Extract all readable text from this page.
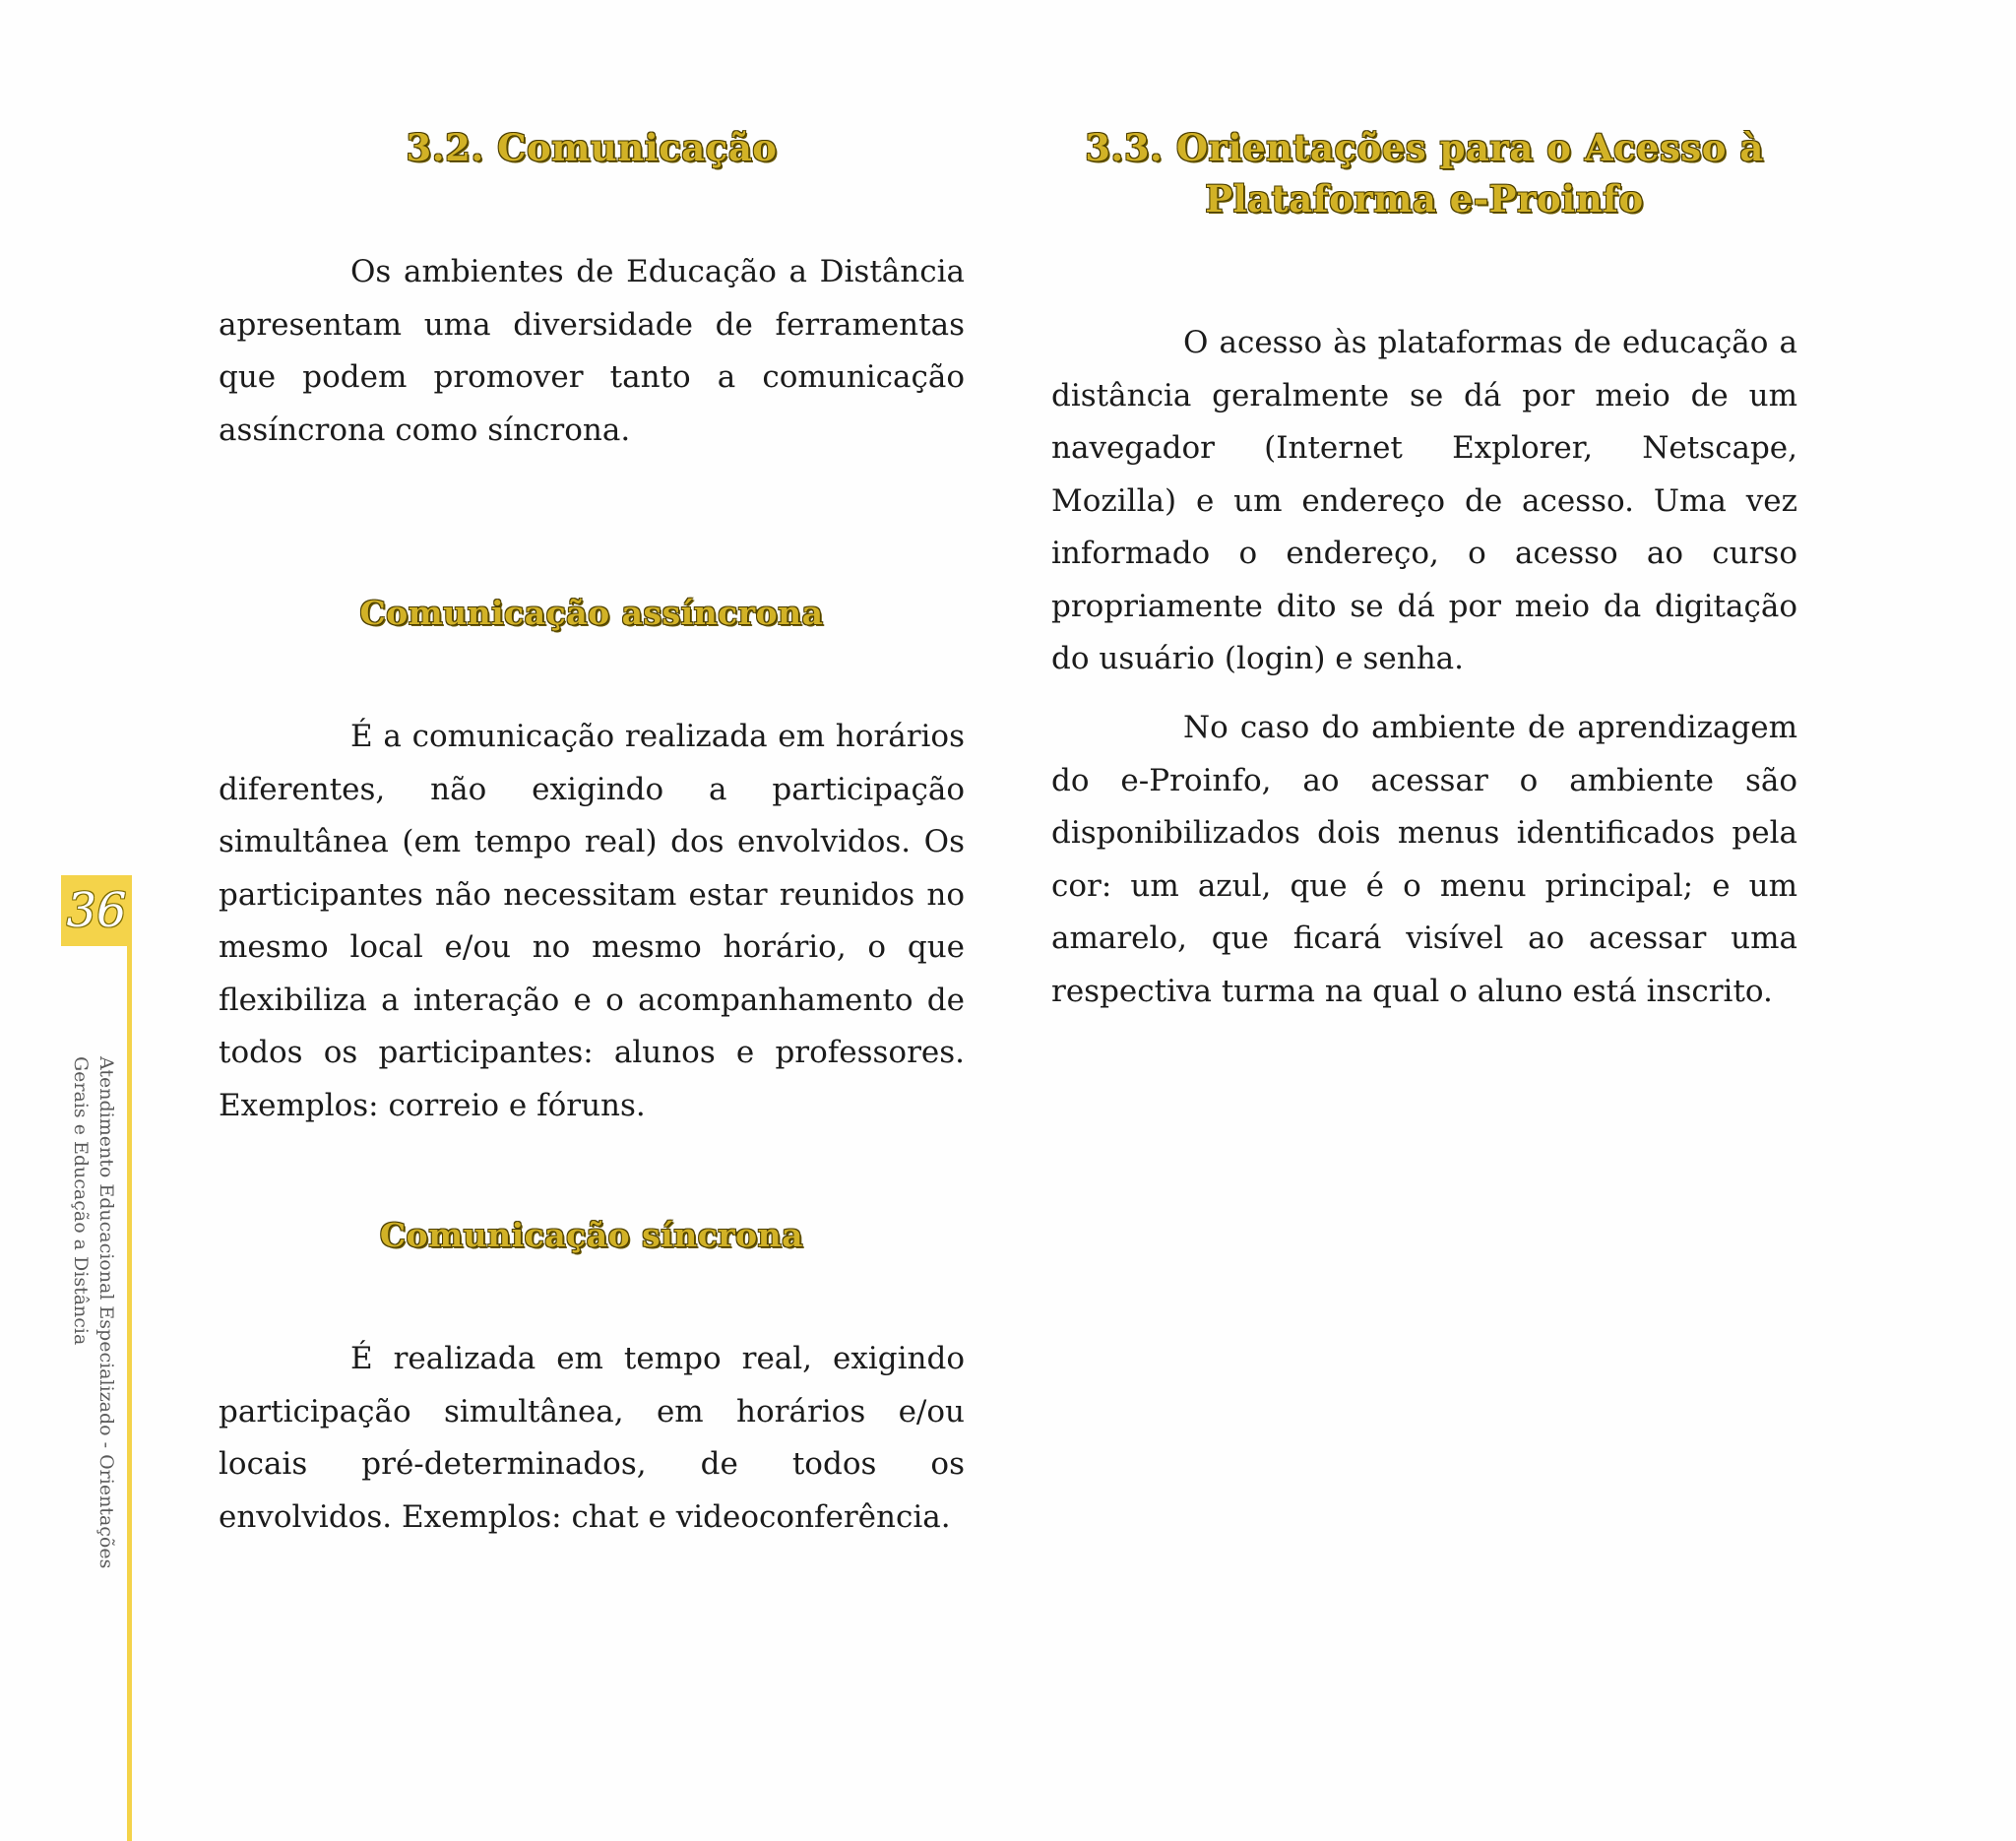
36
Atendimento Educacional Especializado - Orientações Gerais e Educação a Distância
3.2. Comunicação

Os ambientes de Educação a Distância apresentam uma diversidade de ferramentas que podem promover tanto a comunicação assíncrona como síncrona.

Comunicação assíncrona

É a comunicação realizada em horários diferentes, não exigindo a participação simultânea (em tempo real) dos envolvidos. Os participantes não necessitam estar reunidos no mesmo local e/ou no mesmo horário, o que flexibiliza a interação e o acompanhamento de todos os participantes: alunos e professores. Exemplos: correio e fóruns.

Comunicação síncrona

É realizada em tempo real, exigindo participação simultânea, em horários e/ou locais pré-determinados, de todos os envolvidos. Exemplos: chat e videoconferência.

3.3. Orientações para o Acesso à
Plataforma e-Proinfo

O acesso às plataformas de educação a distância geralmente se dá por meio de um navegador (Internet Explorer, Netscape, Mozilla) e um endereço de acesso. Uma vez informado o endereço, o acesso ao curso propriamente dito se dá por meio da digitação do usuário (login) e senha.

No caso do ambiente de aprendizagem do e-Proinfo, ao acessar o ambiente são disponibilizados dois menus identificados pela cor: um azul, que é o menu principal; e um amarelo, que ficará visível ao acessar uma respectiva turma na qual o aluno está inscrito.
